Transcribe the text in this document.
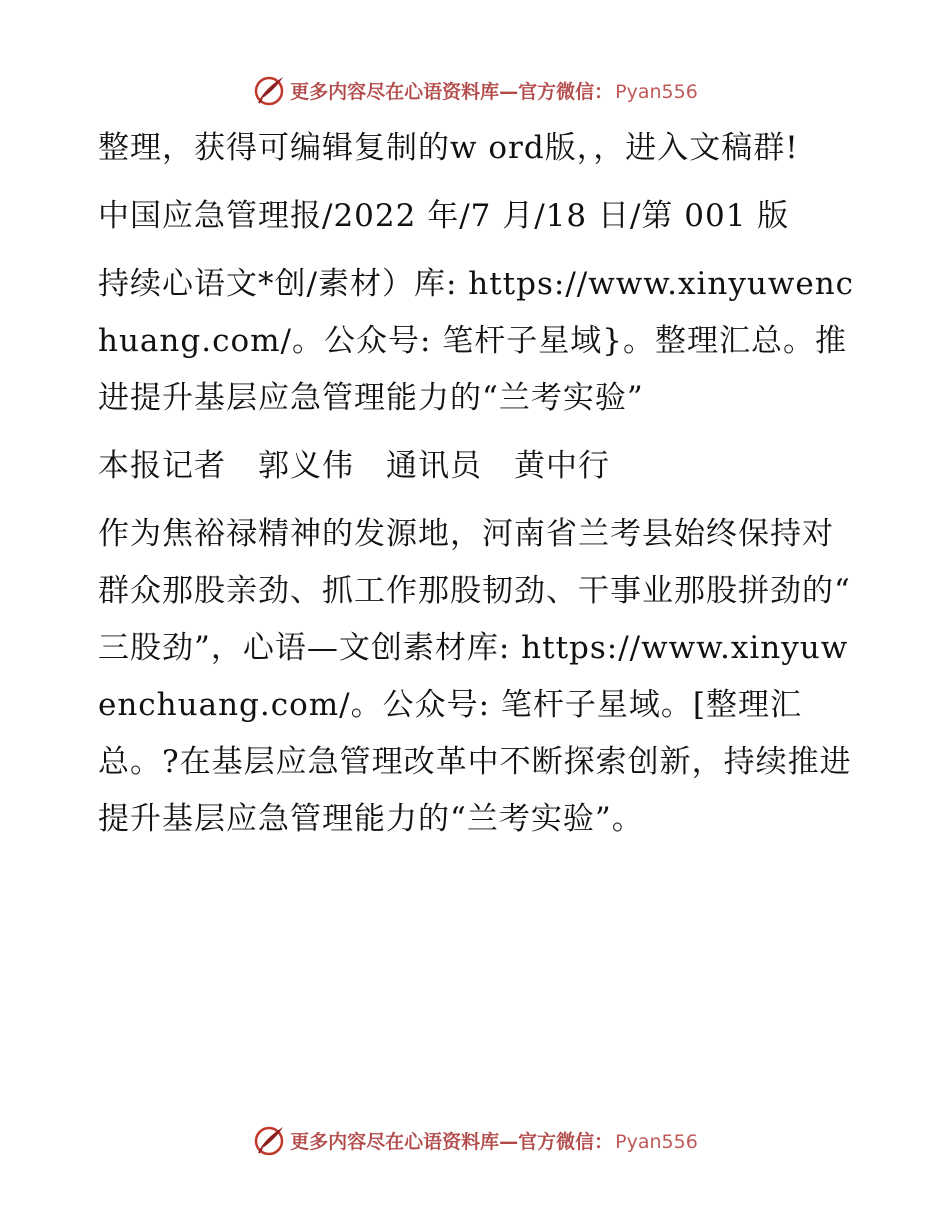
更多内容尽在心语资料库—官方微信： Pyan556

整理，获得可编辑复制的w ord版，，进入文稿群!

中国应急管理报/2022 年/7 月/18 日/第 001 版

持续心语文*创/素材）库: https://www.xinyuwenchuang.com/。公众号: 笔杆子星域}。整理汇总。推进提升基层应急管理能力的“兰考实验”

本报记者　郭义伟　通讯员　黄中行

作为焦裕禄精神的发源地，河南省兰考县始终保持对群众那股亲劲、抓工作那股韧劲、干事业那股拼劲的“ 三股劲”，心语—文创素材库: https://www.xinyuwenchuang.com/。公众号: 笔杆子星域。[整理汇总。?在基层应急管理改革中不断探索创新，持续推进提升基层应急管理能力的“兰考实验”。

更多内容尽在心语资料库—官方微信： Pyan556
